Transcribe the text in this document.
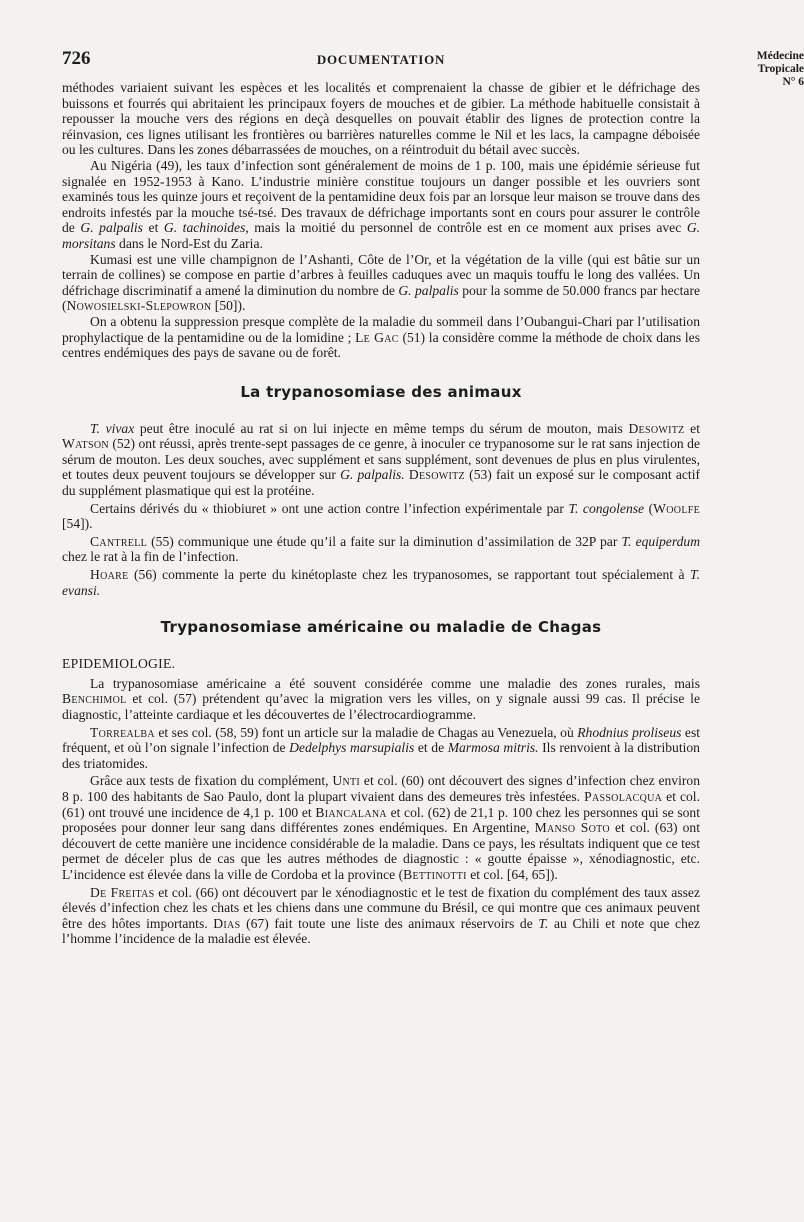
726	DOCUMENTATION	Médecine
Tropicale
N° 6

méthodes variaient suivant les espèces et les localités et comprenaient la chasse de gibier et le défrichage des buissons et fourrés qui abritaient les principaux foyers de mouches et de gibier. La méthode habituelle consistait à repousser la mouche vers des régions en deçà desquelles on pouvait établir des lignes de protection contre la réinvasion, ces lignes utilisant les frontières ou barrières naturelles comme le Nil et les lacs, la campagne déboisée ou les cultures. Dans les zones débarrassées de mouches, on a réintroduit du bétail avec succès.

Au Nigéria (49), les taux d’infection sont généralement de moins de 1 p. 100, mais une épidémie sérieuse fut signalée en 1952-1953 à Kano. L’industrie minière constitue toujours un danger possible et les ouvriers sont examinés tous les quinze jours et reçoivent de la pentamidine deux fois par an lorsque leur maison se trouve dans des endroits infestés par la mouche tsé-tsé. Des travaux de défrichage importants sont en cours pour assurer le contrôle de G. palpalis et G. tachinoides, mais la moitié du personnel de contrôle est en ce moment aux prises avec G. morsitans dans le Nord-Est du Zaria.

Kumasi est une ville champignon de l’Ashanti, Côte de l’Or, et la végétation de la ville (qui est bâtie sur un terrain de collines) se compose en partie d’arbres à feuilles caduques avec un maquis touffu le long des vallées. Un défrichage discriminatif a amené la diminution du nombre de G. palpalis pour la somme de 50.000 francs par hectare (Nowosielski-Slepowron [50]).

On a obtenu la suppression presque complète de la maladie du sommeil dans l’Oubangui-Chari par l’utilisation prophylactique de la pentamidine ou de la lomidine ; Le Gac (51) la considère comme la méthode de choix dans les centres endémiques des pays de savane ou de forêt.

La trypanosomiase des animaux

T. vivax peut être inoculé au rat si on lui injecte en même temps du sérum de mouton, mais Desowitz et Watson (52) ont réussi, après trente-sept passages de ce genre, à inoculer ce trypanosome sur le rat sans injection de sérum de mouton. Les deux souches, avec supplément et sans supplément, sont devenues de plus en plus virulentes, et toutes deux peuvent toujours se développer sur G. palpalis. Desowitz (53) fait un exposé sur le composant actif du supplément plasmatique qui est la protéine.

Certains dérivés du « thiobiuret » ont une action contre l’infection expérimentale par T. congolense (Woolfe [54]).

Cantrell (55) communique une étude qu’il a faite sur la diminution d’assimilation de 32P par T. equiperdum chez le rat à la fin de l’infection.

Hoare (56) commente la perte du kinétoplaste chez les trypanosomes, se rapportant tout spécialement à T. evansi.

Trypanosomiase américaine ou maladie de Chagas
EPIDEMIOLOGIE.

La trypanosomiase américaine a été souvent considérée comme une maladie des zones rurales, mais Benchimol et col. (57) prétendent qu’avec la migration vers les villes, on y signale aussi 99 cas. Il précise le diagnostic, l’atteinte cardiaque et les découvertes de l’électrocardiogramme.

Torrealba et ses col. (58, 59) font un article sur la maladie de Chagas au Venezuela, où Rhodnius proliseus est fréquent, et où l’on signale l’infection de Dedelphys marsupialis et de Marmosa mitris. Ils renvoient à la distribution des triatomides.

Grâce aux tests de fixation du complément, Unti et col. (60) ont découvert des signes d’infection chez environ 8 p. 100 des habitants de Sao Paulo, dont la plupart vivaient dans des demeures très infestées. Passolacqua et col. (61) ont trouvé une incidence de 4,1 p. 100 et Biancalana et col. (62) de 21,1 p. 100 chez les personnes qui se sont proposées pour donner leur sang dans différentes zones endémiques. En Argentine, Manso Soto et col. (63) ont découvert de cette manière une incidence considérable de la maladie. Dans ce pays, les résultats indiquent que ce test permet de déceler plus de cas que les autres méthodes de diagnostic : « goutte épaisse », xénodiagnostic, etc. L’incidence est élevée dans la ville de Cordoba et la province (Bettinotti et col. [64, 65]).

De Freitas et col. (66) ont découvert par le xénodiagnostic et le test de fixation du complément des taux assez élevés d’infection chez les chats et les chiens dans une commune du Brésil, ce qui montre que ces animaux peuvent être des hôtes importants. Dias (67) fait toute une liste des animaux réservoirs de T. au Chili et note que chez l’homme l’incidence de la maladie est élevée.
